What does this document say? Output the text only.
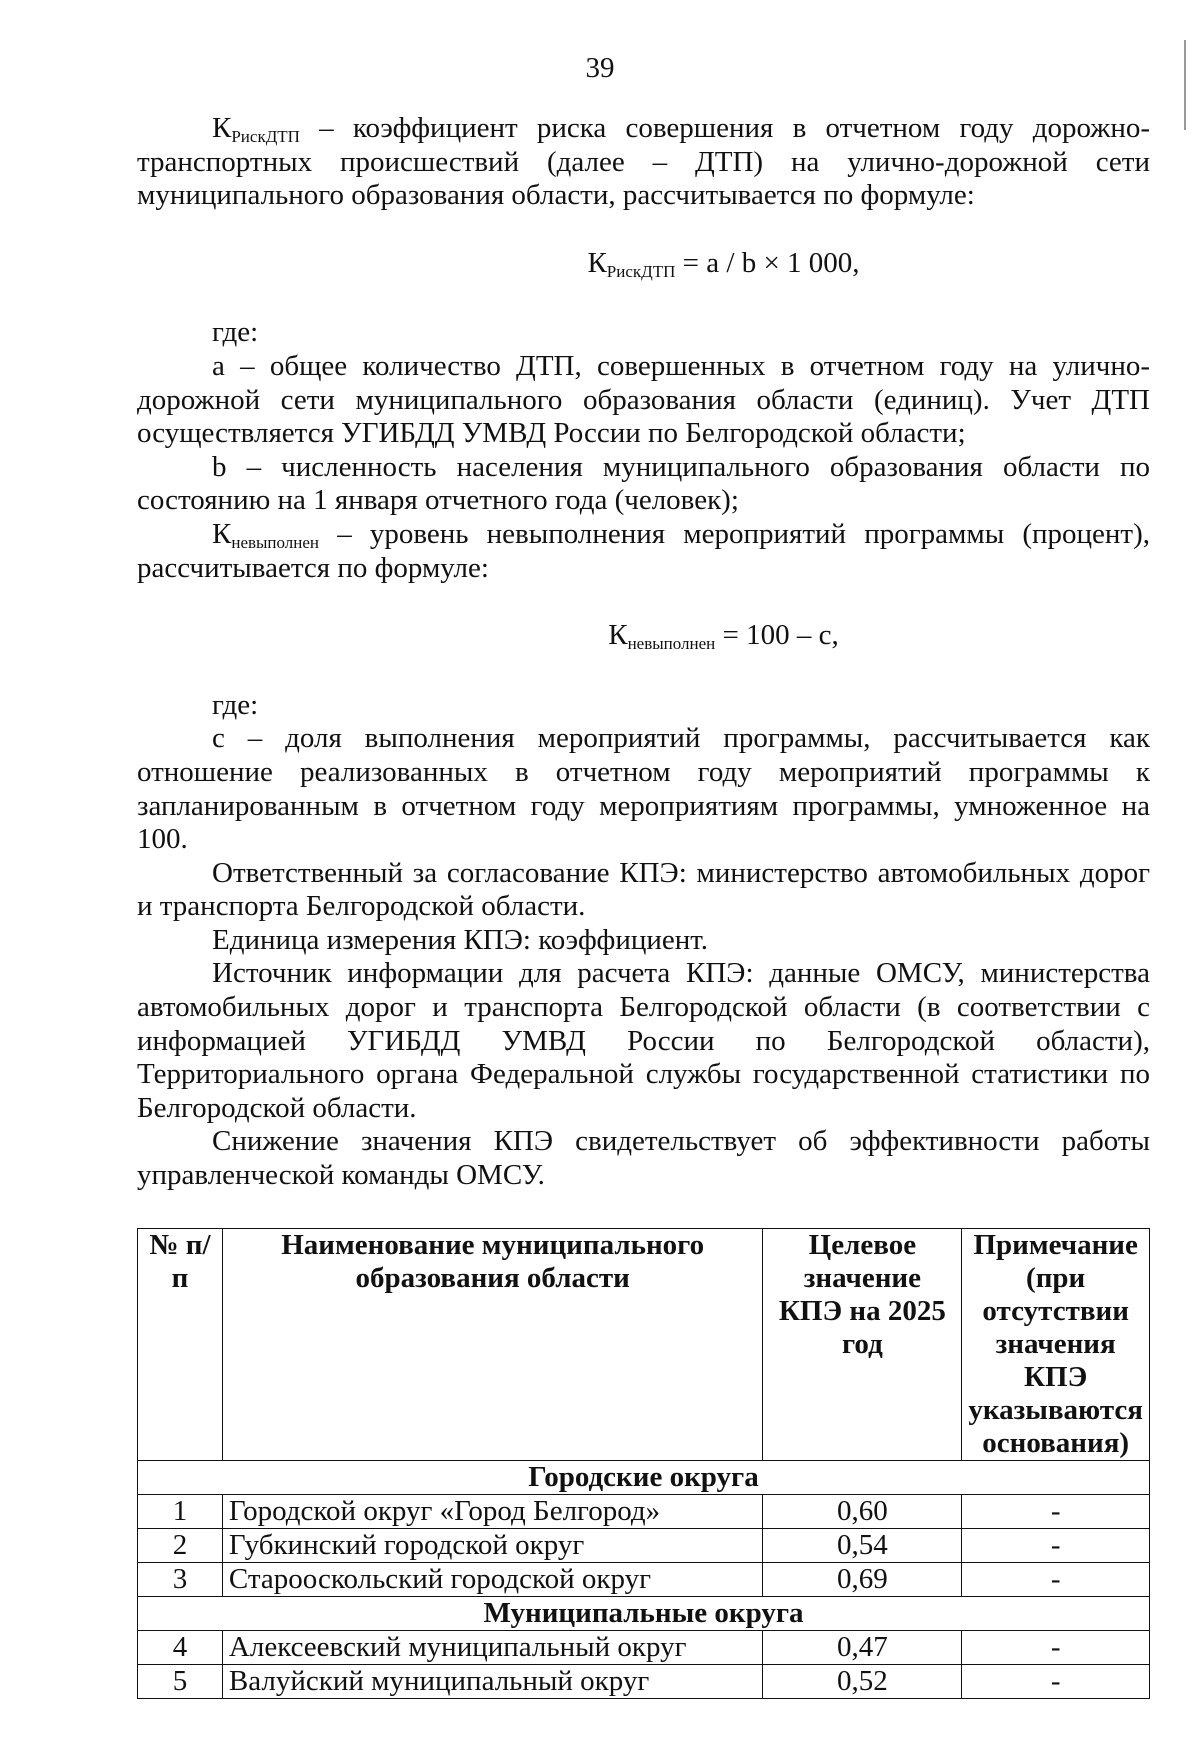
39

$К_{РискДТП}$ – коэффициент риска совершения в отчетном году дорожно-транспортных происшествий (далее – ДТП) на улично-дорожной сети муниципального образования области, рассчитывается по формуле:

$К_{РискДТП} = a / b \times 1$ 000,

где:

а – общее количество ДТП, совершенных в отчетном году на улично-дорожной сети муниципального образования области (единиц). Учет ДТП осуществляется УГИБДД УМВД России по Белгородской области;

b – численность населения муниципального образования области по состоянию на 1 января отчетного года (человек);

$К_{невыполнен}$ – уровень невыполнения мероприятий программы (процент), рассчитывается по формуле:

$К_{невыполнен} = 100 - c$,

где:

c – доля выполнения мероприятий программы, рассчитывается как отношение реализованных в отчетном году мероприятий программы к запланированным в отчетном году мероприятиям программы, умноженное на 100.

Ответственный за согласование КПЭ: министерство автомобильных дорог и транспорта Белгородской области.

Единица измерения КПЭ: коэффициент.

Источник информации для расчета КПЭ: данные ОМСУ, министерства автомобильных дорог и транспорта Белгородской области (в соответствии с информацией УГИБДД УМВД России по Белгородской области), Территориального органа Федеральной службы государственной статистики по Белгородской области.

Снижение значения КПЭ свидетельствует об эффективности работы управленческой команды ОМСУ.

№ п/п	Наименование муниципального образования области	Целевое значение КПЭ на 2025 год	Примечание
(при отсутствии значения КПЭ указываются основания)
Городские округа			
1	Городской округ «Город Белгород»	0,60	-
2	Губкинский городской округ	0,54	-
3	Старооскольский городской округ	0,69	-
Муниципальные округа			
4	Алексеевский муниципальный округ	0,47	-
5	Валуйский муниципальный округ	0,52	-
